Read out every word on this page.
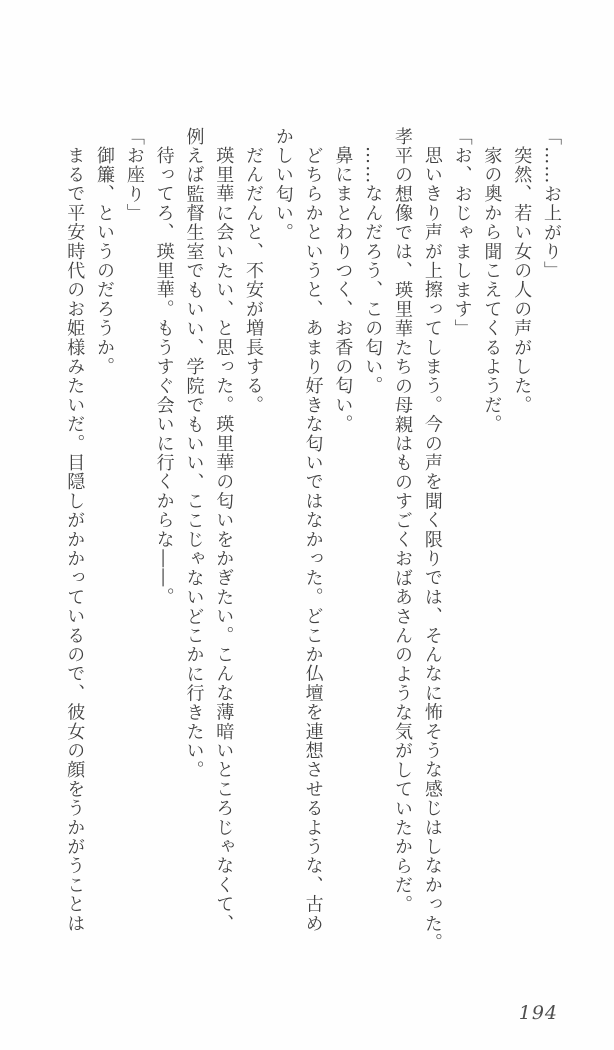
「……お上がり」

突然、若い女の人の声がした。

家の奥から聞こえてくるようだ。

「お、おじゃまします」

思いきり声が上擦ってしまう。今の声を聞く限りでは、そんなに怖そうな感じはしなかった。

孝平の想像では、瑛里華たちの母親はものすごくおばあさんのような気がしていたからだ。

……なんだろう、この匂い。

鼻にまとわりつく、お香の匂い。

どちらかというと、あまり好きな匂いではなかった。どこか仏壇を連想させるような、古め

かしい匂い。

だんだんと、不安が増長する。

瑛里華に会いたい、と思った。瑛里華の匂いをかぎたい。こんな薄暗いところじゃなくて、

例えば監督生室でもいい、学院でもいい、ここじゃないどこかに行きたい。

待ってろ、瑛里華。もうすぐ会いに行くからな――。

「お座り」

御簾、というのだろうか。

まるで平安時代のお姫様みたいだ。目隠しがかかっているので、彼女の顔をうかがうことは

194
